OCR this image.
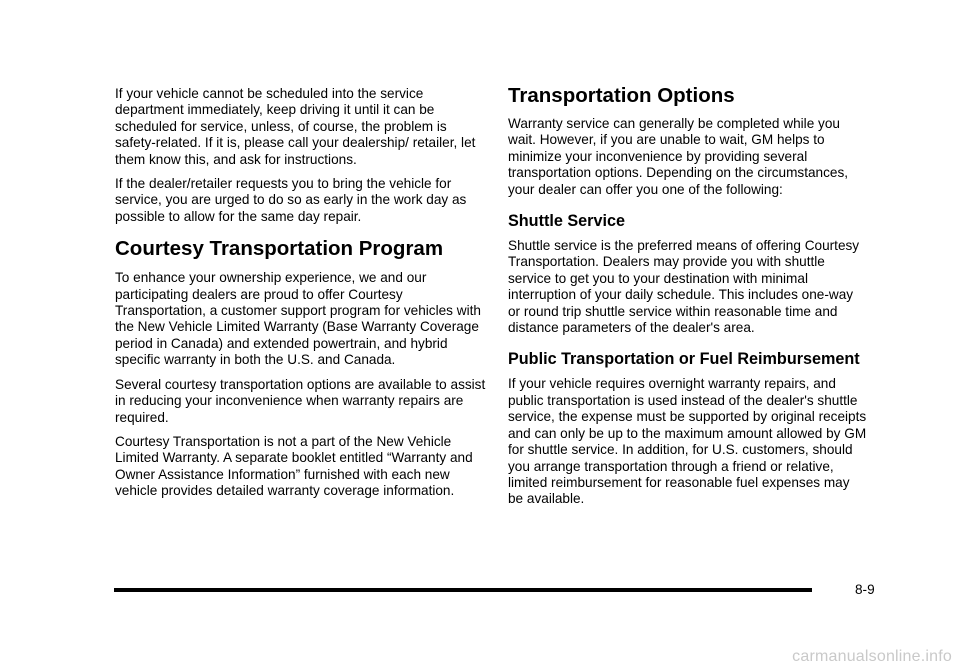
If your vehicle cannot be scheduled into the service department immediately, keep driving it until it can be scheduled for service, unless, of course, the problem is safety-related. If it is, please call your dealership/ retailer, let them know this, and ask for instructions.

If the dealer/retailer requests you to bring the vehicle for service, you are urged to do so as early in the work day as possible to allow for the same day repair.

Courtesy Transportation Program

To enhance your ownership experience, we and our participating dealers are proud to offer Courtesy Transportation, a customer support program for vehicles with the New Vehicle Limited Warranty (Base Warranty Coverage period in Canada) and extended powertrain, and hybrid specific warranty in both the U.S. and Canada.

Several courtesy transportation options are available to assist in reducing your inconvenience when warranty repairs are required.

Courtesy Transportation is not a part of the New Vehicle Limited Warranty. A separate booklet entitled “Warranty and Owner Assistance Information” furnished with each new vehicle provides detailed warranty coverage information.

Transportation Options

Warranty service can generally be completed while you wait. However, if you are unable to wait, GM helps to minimize your inconvenience by providing several transportation options. Depending on the circumstances, your dealer can offer you one of the following:

Shuttle Service

Shuttle service is the preferred means of offering Courtesy Transportation. Dealers may provide you with shuttle service to get you to your destination with minimal interruption of your daily schedule. This includes one-way or round trip shuttle service within reasonable time and distance parameters of the dealer's area.

Public Transportation or Fuel Reimbursement

If your vehicle requires overnight warranty repairs, and public transportation is used instead of the dealer's shuttle service, the expense must be supported by original receipts and can only be up to the maximum amount allowed by GM for shuttle service. In addition, for U.S. customers, should you arrange transportation through a friend or relative, limited reimbursement for reasonable fuel expenses may be available.

8-9
carmanualsonline.info
